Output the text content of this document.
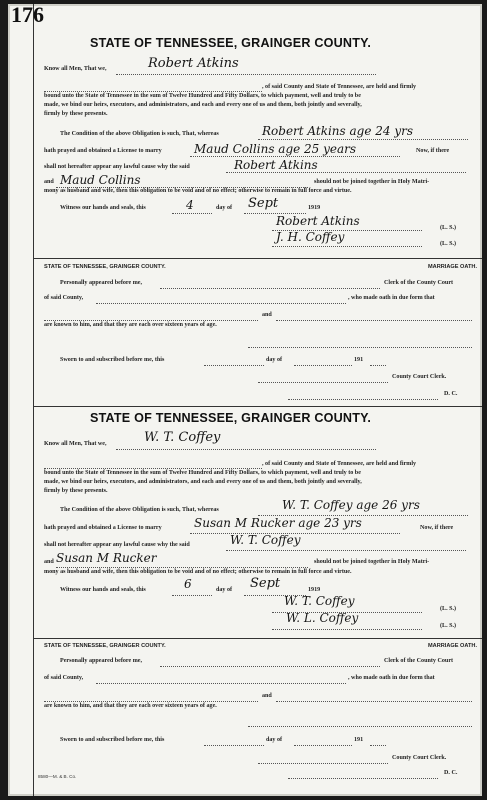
176
STATE OF TENNESSEE, GRAINGER COUNTY.
Know all Men, That we,	Robert Atkins
, of said County and State of Tennessee, are held and firmly
bound unto the State of Tennessee in the sum of Twelve Hundred and Fifty Dollars, to which payment, well and truly to be
made, we bind our heirs, executors, and administrators, and each and every one of us and them, both jointly and severally,
firmly by these presents.
The Condition of the above Obligation is such, That, whereas	Robert Atkins age 24 yrs
hath prayed and obtained a License to marry	Maud Collins age 25 years	Now, if there
shall not hereafter appear any lawful cause why the said	Robert Atkins
and Maud Collins	should not be joined together in Holy Matri-
mony as husband and wife, then this obligation to be void and of no effect; otherwise to remain in full force and virtue.
Witness our hands and seals, this	4	day of Sept	1919
Robert Atkins	(L. S.)
J. H. Coffey	(L. S.)
STATE OF TENNESSEE, GRAINGER COUNTY.	MARRIAGE OATH.
Personally appeared before me,	Clerk of the County Court
of said County,	, who made oath in due form that
and
are known to him, and that they are each over sixteen years of age.
Sworn to and subscribed before me, this	day of	191
County Court Clerk.
D. C.
STATE OF TENNESSEE, GRAINGER COUNTY.
Know all Men, That we,	W. T. Coffey
, of said County and State of Tennessee, are held and firmly
bound unto the State of Tennessee in the sum of Twelve Hundred and Fifty Dollars, to which payment, well and truly to be
made, we bind our heirs, executors, and administrators, and each and every one of us and them, both jointly and severally,
firmly by these presents.
The Condition of the above Obligation is such, That, whereas	W. T. Coffey age 26 yrs
hath prayed and obtained a License to marry	Susan M Rucker age 23 yrs	Now, if there
shall not hereafter appear any lawful cause why the said	W. T. Coffey
and Susan M Rucker	should not be joined together in Holy Matri-
mony as husband and wife, then this obligation to be void and of no effect; otherwise to remain in full force and virtue.
Witness our hands and seals, this	6	day of Sept	1919
W. T. Coffey
(L. S.)
W. L. Coffey
(L. S.)
STATE OF TENNESSEE, GRAINGER COUNTY.	MARRIAGE OATH.
Personally appeared before me,	Clerk of the County Court
of said County,	, who made oath in due form that
and
are known to him, and that they are each over sixteen years of age.
Sworn to and subscribed before me, this	day of	191
County Court Clerk.
D. C.
8580—M. & B. Co.
